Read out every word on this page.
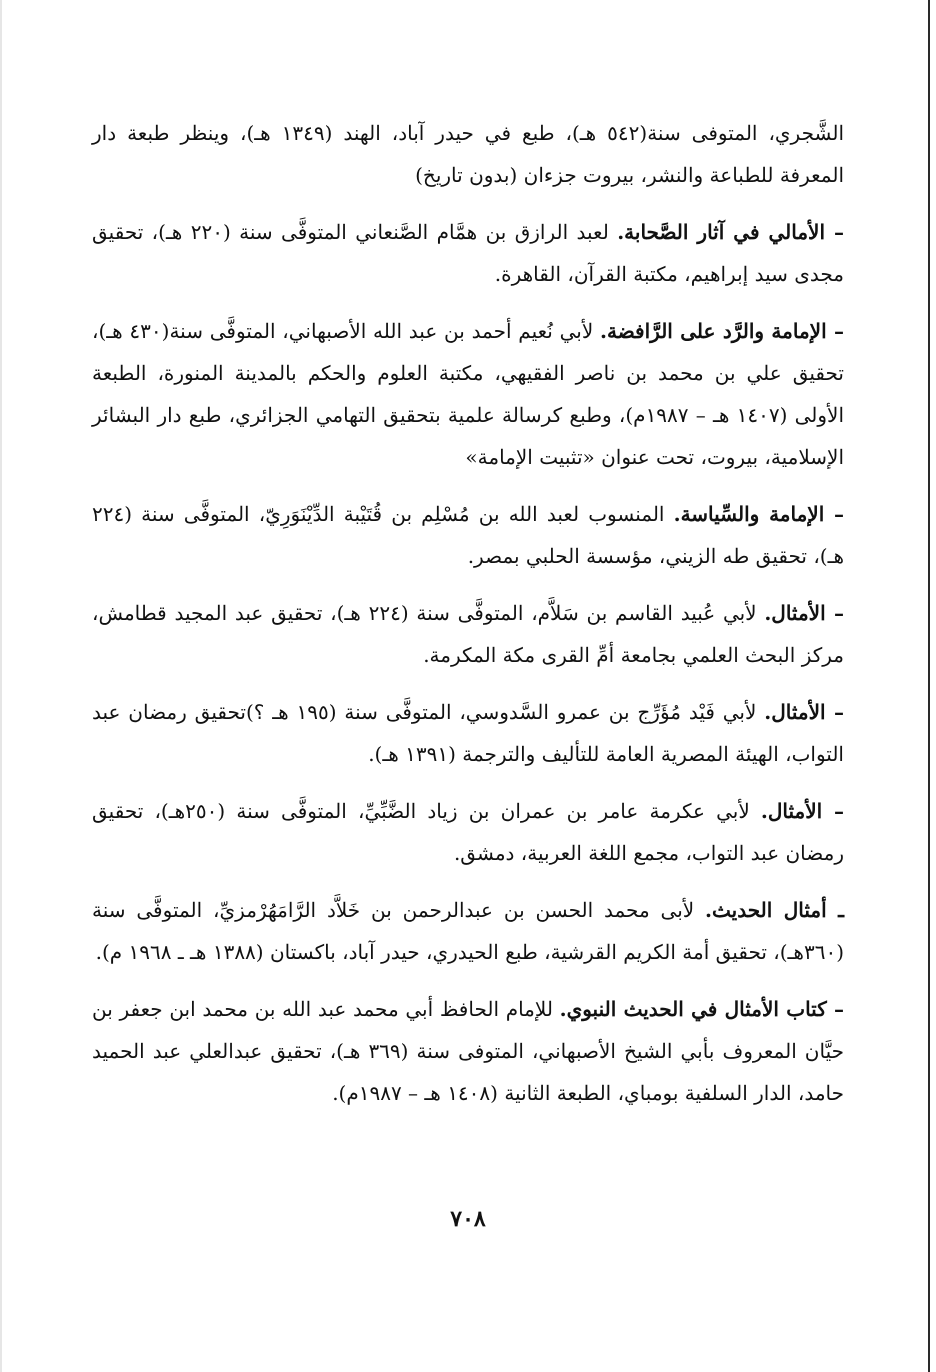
الشَّجري، المتوفى سنة(٥٤٢ هـ)، طبع في حيدر آباد، الهند (١٣٤٩ هـ)، وينظر طبعة دار المعرفة للطباعة والنشر، بيروت جزءان (بدون تاريخ)

– الأمالي في آثار الصَّحابة. لعبد الرازق بن همَّام الصَّنعاني المتوفَّى سنة (٢٢٠ هـ)، تحقيق مجدى سيد إبراهيم، مكتبة القرآن، القاهرة.

– الإمامة والرَّد على الرَّافضة. لأبي نُعيم أحمد بن عبد الله الأصبهاني، المتوفَّى سنة(٤٣٠ هـ)، تحقيق علي بن محمد بن ناصر الفقيهي، مكتبة العلوم والحكم بالمدينة المنورة، الطبعة الأولى (١٤٠٧ هـ – ١٩٨٧م)، وطبع كرسالة علمية بتحقيق التهامي الجزائري، طبع دار البشائر الإسلامية، بيروت، تحت عنوان «تثبيت الإمامة»

– الإمامة والسِّياسة. المنسوب لعبد الله بن مُسْلِم بن قُتَيْبة الدِّيْنَوَرِيّ، المتوفَّى سنة (٢٢٤ هـ)، تحقيق طه الزيني، مؤسسة الحلبي بمصر.

– الأمثال. لأبي عُبيد القاسم بن سَلاَّم، المتوفَّى سنة (٢٢٤ هـ)، تحقيق عبد المجيد قطامش، مركز البحث العلمي بجامعة أمِّ القرى مكة المكرمة.

– الأمثال. لأبي فَيْد مُؤَرِّج بن عمرو السَّدوسي، المتوفَّى سنة (١٩٥ هـ ؟)تحقيق رمضان عبد التواب، الهيئة المصرية العامة للتأليف والترجمة (١٣٩١ هـ).

– الأمثال. لأبي عكرمة عامر بن عمران بن زياد الضَّبِّيِّ، المتوفَّى سنة (٢٥٠هـ)، تحقيق رمضان عبد التواب، مجمع اللغة العربية، دمشق.

ـ أمثال الحديث. لأبى محمد الحسن بن عبدالرحمن بن خَلاَّد الرَّامَهُرْمزيِّ، المتوفَّى سنة (٣٦٠هـ)، تحقيق أمة الكريم القرشية، طبع الحيدري، حيدر آباد، باكستان (١٣٨٨ هـ ـ ١٩٦٨ م).

– كتاب الأمثال في الحديث النبوي. للإمام الحافظ أبي محمد عبد الله بن محمد ابن جعفر بن حيَّان المعروف بأبي الشيخ الأصبهاني، المتوفى سنة (٣٦٩ هـ)، تحقيق عبدالعلي عبد الحميد حامد، الدار السلفية بومباي، الطبعة الثانية (١٤٠٨ هـ – ١٩٨٧م).

٧٠٨
